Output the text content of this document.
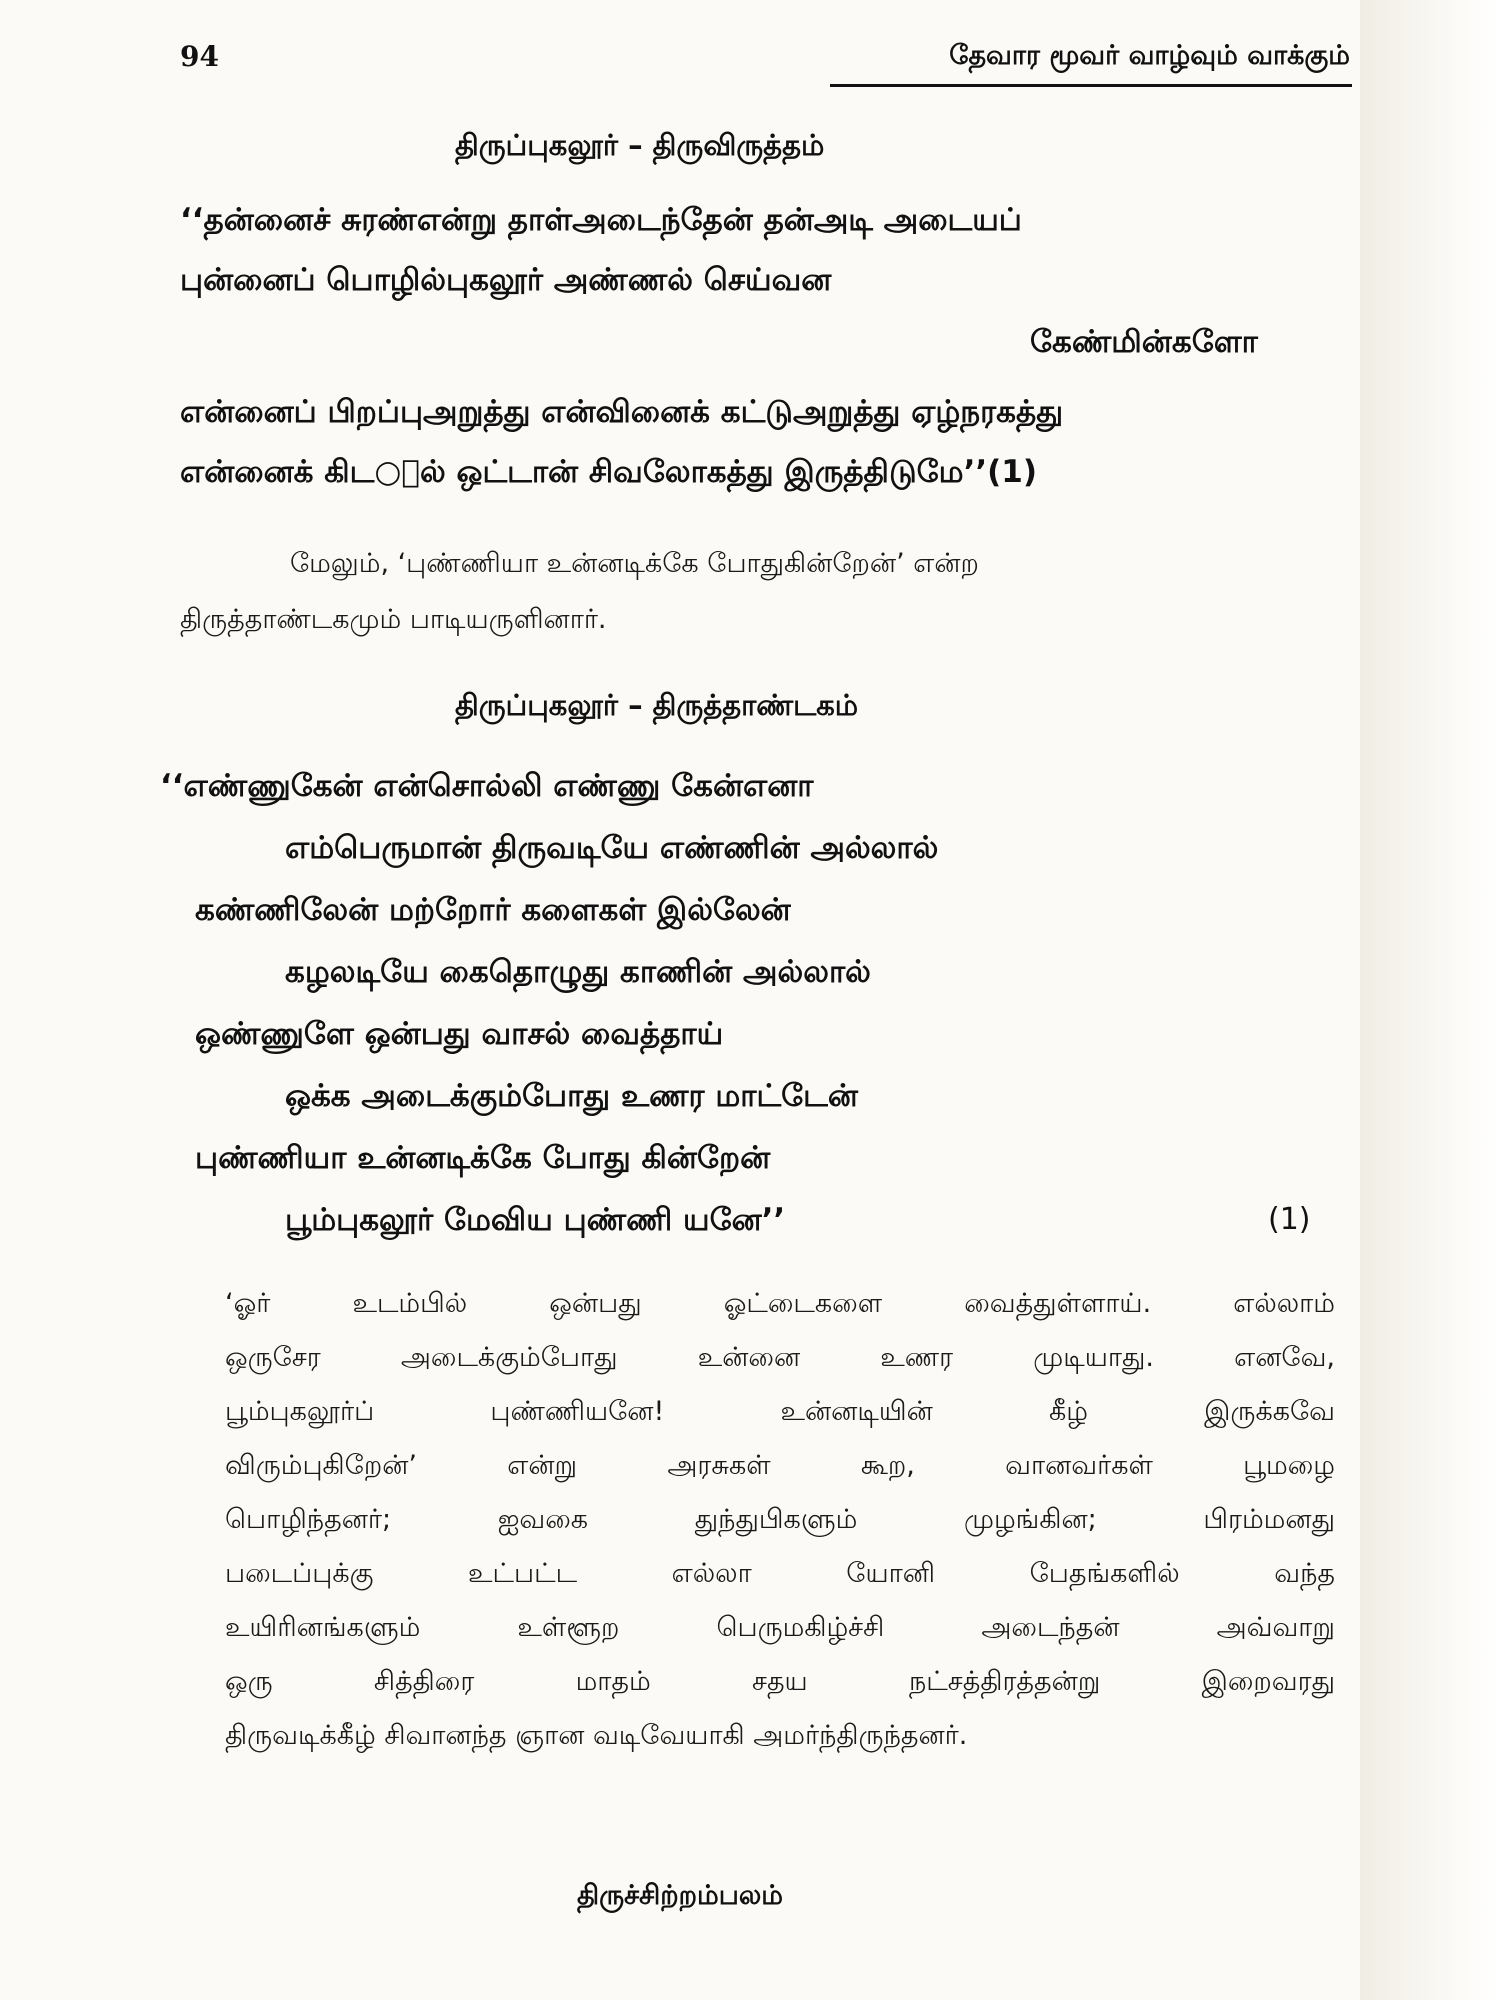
94	தேவார மூவர் வாழ்வும் வாக்கும்
திருப்புகலூர் – திருவிருத்தம்
‘‘தன்னைச் சுரண்என்று தாள்அடைந்தேன் தன்அடி அடையப்
புன்னைப் பொழில்புகலூர் அண்ணல் செய்வன
கேண்மின்களோ
என்னைப் பிறப்புஅறுத்து என்வினைக் கட்டுஅறுத்து ஏழ்நரகத்து
என்னைக் கிட○ால் ஒட்டான் சிவலோகத்து இருத்திடுமே’’(1)
மேலும், ‘புண்ணியா உன்னடிக்கே போதுகின்றேன்’ என்ற
திருத்தாண்டகமும் பாடியருளினார்.
திருப்புகலூர் – திருத்தாண்டகம்
‘‘எண்ணுகேன் என்சொல்லி எண்ணு கேன்எனா
எம்பெருமான் திருவடியே எண்ணின் அல்லால்
கண்ணிலேன் மற்றோர் களைகள் இல்லேன்
கழலடியே கைதொழுது காணின் அல்லால்
ஒண்ணுளே ஒன்பது வாசல் வைத்தாய்
ஒக்க அடைக்கும்போது உணர மாட்டேன்
புண்ணியா உன்னடிக்கே போது கின்றேன்
பூம்புகலூர் மேவிய புண்ணி யனே’’	(1)
‘ஓர் உடம்பில் ஒன்பது ஓட்டைகளை வைத்துள்ளாய். எல்லாம்
ஒருசேர அடைக்கும்போது உன்னை உணர முடியாது. எனவே,
பூம்புகலூர்ப் புண்ணியனே! உன்னடியின் கீழ் இருக்கவே
விரும்புகிறேன்’ என்று அரசுகள் கூற, வானவர்கள் பூமழை
பொழிந்தனர்; ஐவகை துந்துபிகளும் முழங்கின; பிரம்மனது
படைப்புக்கு உட்பட்ட எல்லா யோனி பேதங்களில் வந்த
உயிரினங்களும் உள்ளூற பெருமகிழ்ச்சி அடைந்தன் அவ்வாறு
ஒரு சித்திரை மாதம் சதய நட்சத்திரத்தன்று இறைவரது
திருவடிக்கீழ் சிவானந்த ஞான வடிவேயாகி அமர்ந்திருந்தனர்.
திருச்சிற்றம்பலம்
